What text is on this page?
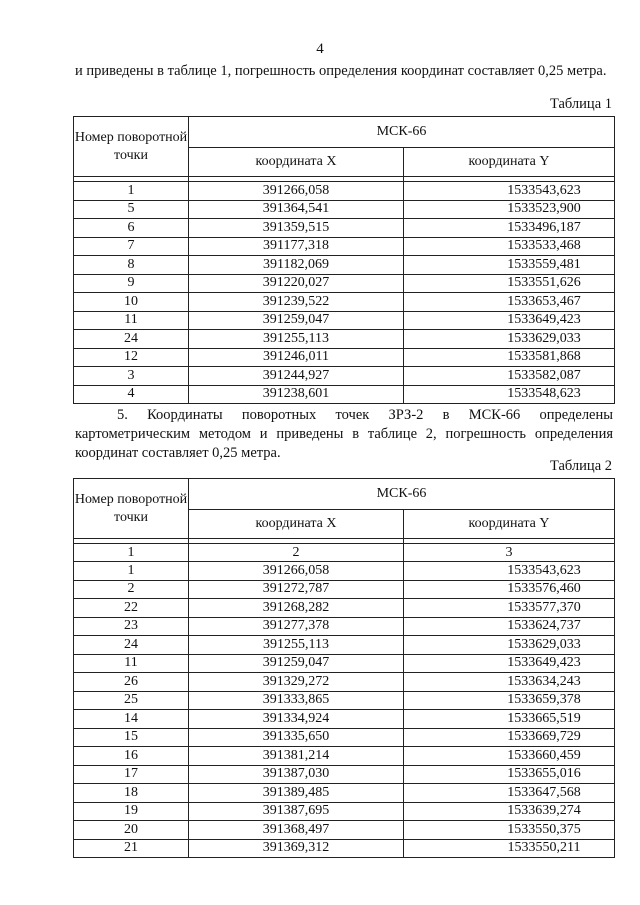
4
и приведены в таблице 1, погрешность определения координат составляет 0,25 метра.
Таблица 1
Номер поворотной точки	МСК-66	
	координата X	координата Y

1	391266,058	1533543,623
5	391364,541	1533523,900
6	391359,515	1533496,187
7	391177,318	1533533,468
8	391182,069	1533559,481
9	391220,027	1533551,626
10	391239,522	1533653,467
11	391259,047	1533649,423
24	391255,113	1533629,033
12	391246,011	1533581,868
3	391244,927	1533582,087
4	391238,601	1533548,623
Таблица 2
5. Координаты поворотных точек ЗРЗ-2 в МСК-66 определены картометрическим методом и приведены в таблице 2, погрешность определения координат составляет 0,25 метра.
Номер поворотной точки	МСК-66	
	координата X	координата Y

1	2	3
1	391266,058	1533543,623
2	391272,787	1533576,460
22	391268,282	1533577,370
23	391277,378	1533624,737
24	391255,113	1533629,033
11	391259,047	1533649,423
26	391329,272	1533634,243
25	391333,865	1533659,378
14	391334,924	1533665,519
15	391335,650	1533669,729
16	391381,214	1533660,459
17	391387,030	1533655,016
18	391389,485	1533647,568
19	391387,695	1533639,274
20	391368,497	1533550,375
21	391369,312	1533550,211
